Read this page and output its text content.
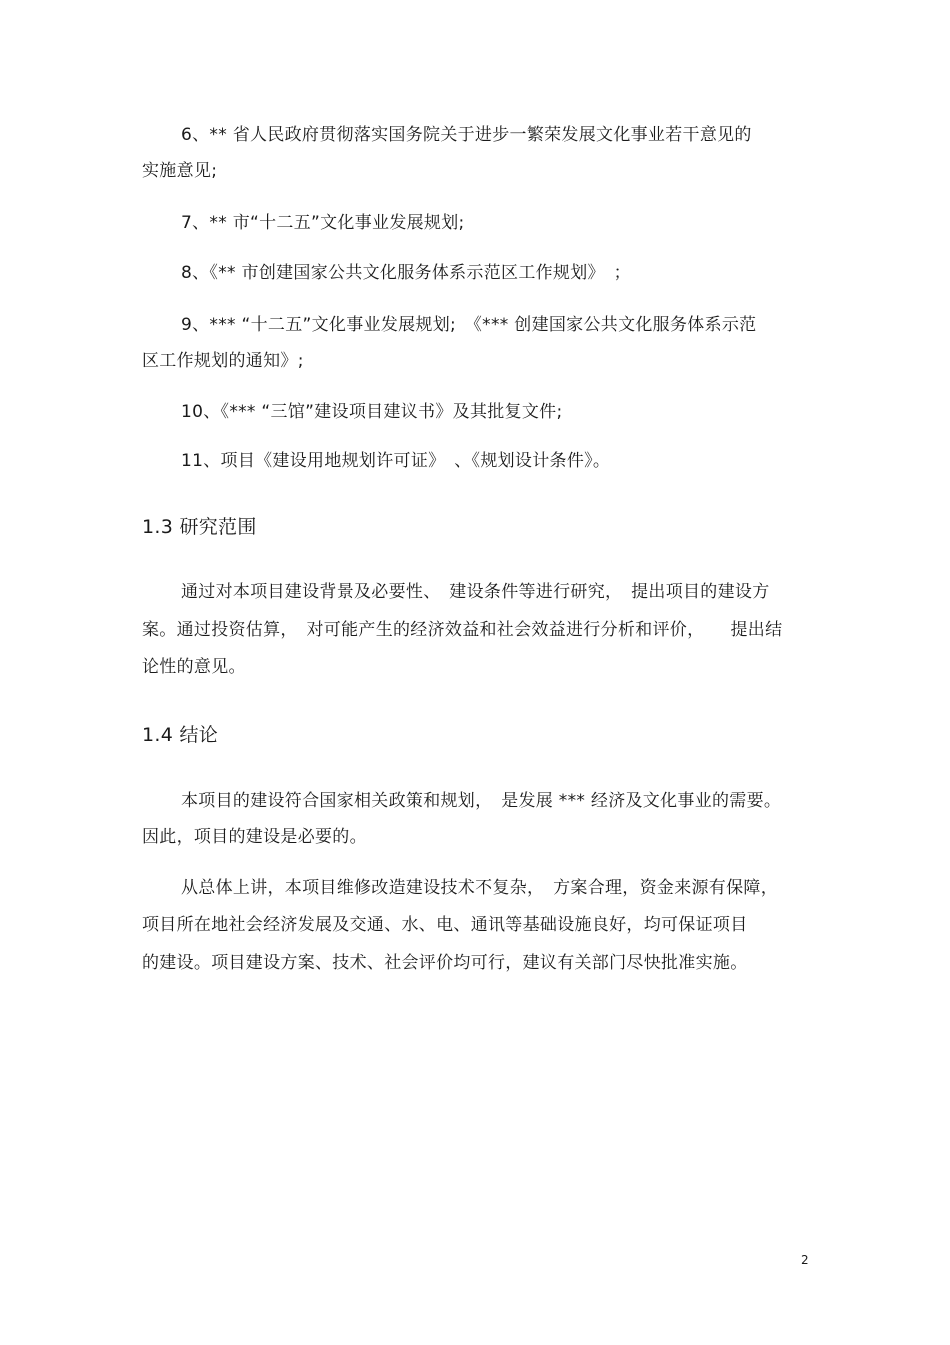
6、** 省人民政府贯彻落实国务院关于进步一繁荣发展文化事业若干意见的
实施意见;
7、** 市“十二五”文化事业发展规划;
8、《** 市创建国家公共文化服务体系示范区工作规划》　；
9、*** “十二五”文化事业发展规划;　《*** 创建国家公共文化服务体系示范
区工作规划的通知》;
10、《*** “三馆”建设项目建议书》及其批复文件;
11、项目《建设用地规划许可证》　、《规划设计条件》。
1.3 研究范围
通过对本项目建设背景及必要性、　建设条件等进行研究，　提出项目的建设方
案。通过投资估算，　对可能产生的经济效益和社会效益进行分析和评价，　　提出结
论性的意见。
1.4 结论
本项目的建设符合国家相关政策和规划，　是发展 *** 经济及文化事业的需要。
因此，项目的建设是必要的。
从总体上讲，本项目维修改造建设技术不复杂，　方案合理，资金来源有保障，
项目所在地社会经济发展及交通、水、电、通讯等基础设施良好，均可保证项目
的建设。项目建设方案、技术、社会评价均可行，建议有关部门尽快批准实施。
2
